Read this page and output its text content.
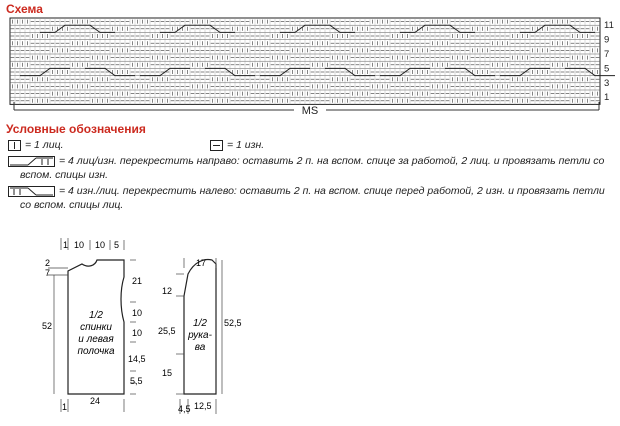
Схема
11
9
7
5
3
1
MS
Условные обозначения
= 1 лиц.	= 1 изн.
= 4 лиц/изн. перекрестить направо: оставить 2 п. на вспом. спице за работой, 2 лиц. и провязать петли со
вспом. спицы изн.
= 4 изн./лиц. перекрестить налево: оставить 2 п. на вспом. спице перед работой, 2 изн. и провязать петли
со вспом. спицы лиц.
1 10 10 5
2
7
52
21
10
10
14,5
5,5
24
1
1/2
спинки
и левая
полочка
17
12
25,5
15
52,5
4,5 12,5
1/2
рука-
ва
